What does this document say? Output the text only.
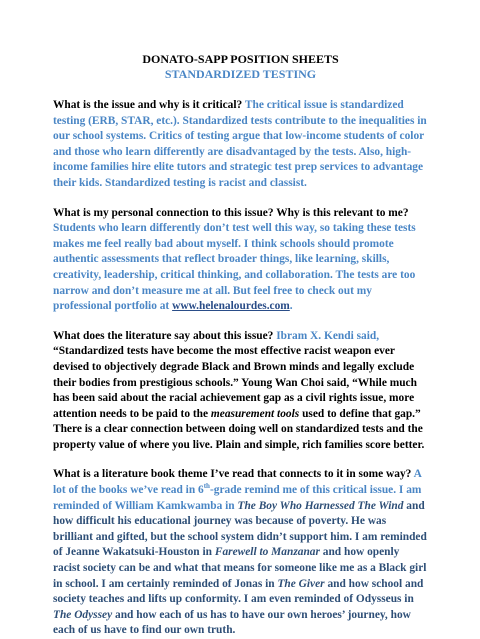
DONATO-SAPP POSITION SHEETS
STANDARDIZED TESTING

What is the issue and why is it critical? The critical issue is standardized testing (ERB, STAR, etc.). Standardized tests contribute to the inequalities in our school systems. Critics of testing argue that low-income students of color and those who learn differently are disadvantaged by the tests. Also, high-income families hire elite tutors and strategic test prep services to advantage their kids. Standardized testing is racist and classist.

What is my personal connection to this issue? Why is this relevant to me? Students who learn differently don’t test well this way, so taking these tests makes me feel really bad about myself. I think schools should promote authentic assessments that reflect broader things, like learning, skills, creativity, leadership, critical thinking, and collaboration. The tests are too narrow and don’t measure me at all. But feel free to check out my professional portfolio at www.helenalourdes.com.

What does the literature say about this issue? Ibram X. Kendi said, “Standardized tests have become the most effective racist weapon ever devised to objectively degrade Black and Brown minds and legally exclude their bodies from prestigious schools.” Young Wan Choi said, “While much has been said about the racial achievement gap as a civil rights issue, more attention needs to be paid to the measurement tools used to define that gap.” There is a clear connection between doing well on standardized tests and the property value of where you live. Plain and simple, rich families score better.

What is a literature book theme I’ve read that connects to it in some way? A lot of the books we’ve read in 6th-grade remind me of this critical issue. I am reminded of William Kamkwamba in The Boy Who Harnessed The Wind and how difficult his educational journey was because of poverty. He was brilliant and gifted, but the school system didn’t support him. I am reminded of Jeanne Wakatsuki-Houston in Farewell to Manzanar and how openly racist society can be and what that means for someone like me as a Black girl in school. I am certainly reminded of Jonas in The Giver and how school and society teaches and lifts up conformity. I am even reminded of Odysseus in The Odyssey and how each of us has to have our own heroes’ journey, how each of us have to find our own truth.
